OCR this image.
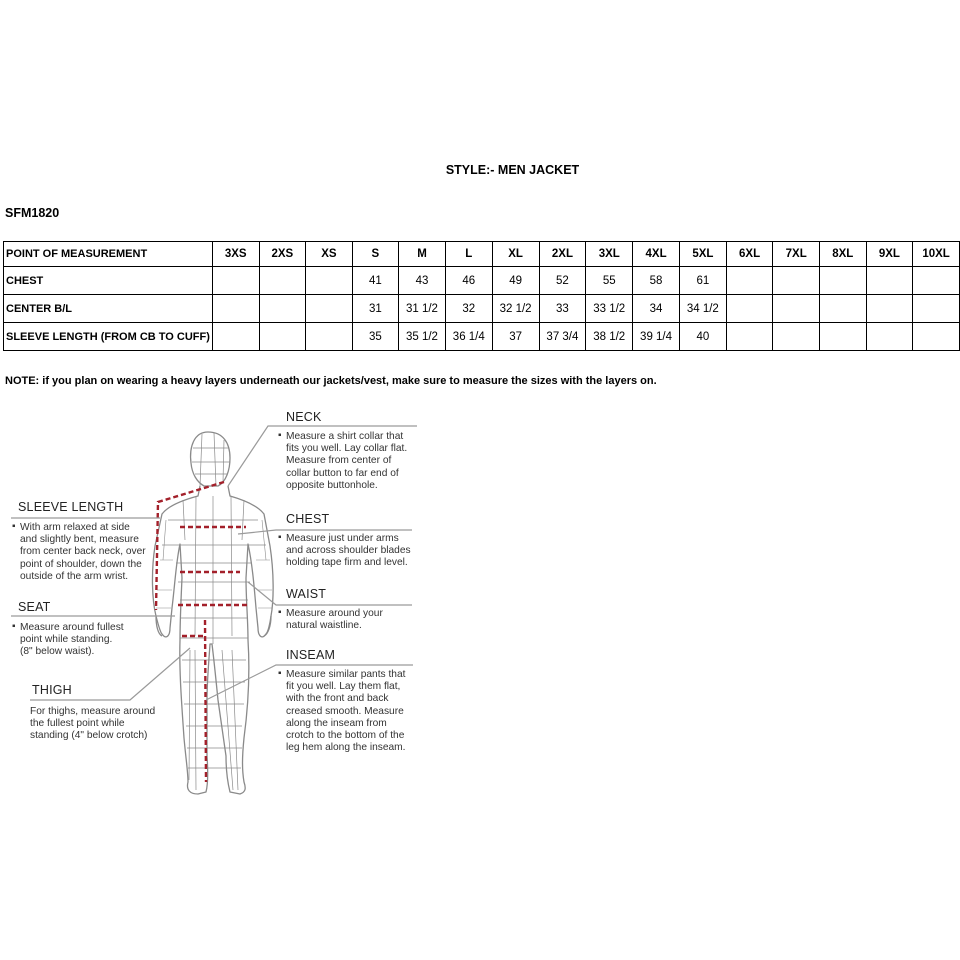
STYLE:- MEN JACKET
SFM1820
POINT OF MEASUREMENT	3XS	2XS	XS	S	M	L	XL	2XL	3XL	4XL	5XL	6XL	7XL	8XL	9XL	10XL
CHEST				41	43	46	49	52	55	58	61					
CENTER B/L				31	31 1/2	32	32 1/2	33	33 1/2	34	34 1/2					
SLEEVE LENGTH (FROM CB TO CUFF)				35	35 1/2	36 1/4	37	37 3/4	38 1/2	39 1/4	40					
NOTE: if you plan on wearing a heavy layers underneath our jackets/vest, make sure to measure the sizes with the layers on.
NECK
▪ Measure a shirt collar that
fits you well. Lay collar flat.
Measure from center of
collar button to far end of
opposite buttonhole.
CHEST
▪ Measure just under arms
and across shoulder blades
holding tape firm and level.
WAIST
▪ Measure around your
natural waistline.
INSEAM
▪ Measure similar pants that
fit you well. Lay them flat,
with the front and back
creased smooth. Measure
along the inseam from
crotch to the bottom of the
leg hem along the inseam.
SLEEVE LENGTH
▪ With arm relaxed at side
and slightly bent, measure
from center back neck, over
point of shoulder, down the
outside of the arm wrist.
SEAT
▪ Measure around fullest
point while standing.
(8" below waist).
THIGH
For thighs, measure around
the fullest point while
standing (4" below crotch)
